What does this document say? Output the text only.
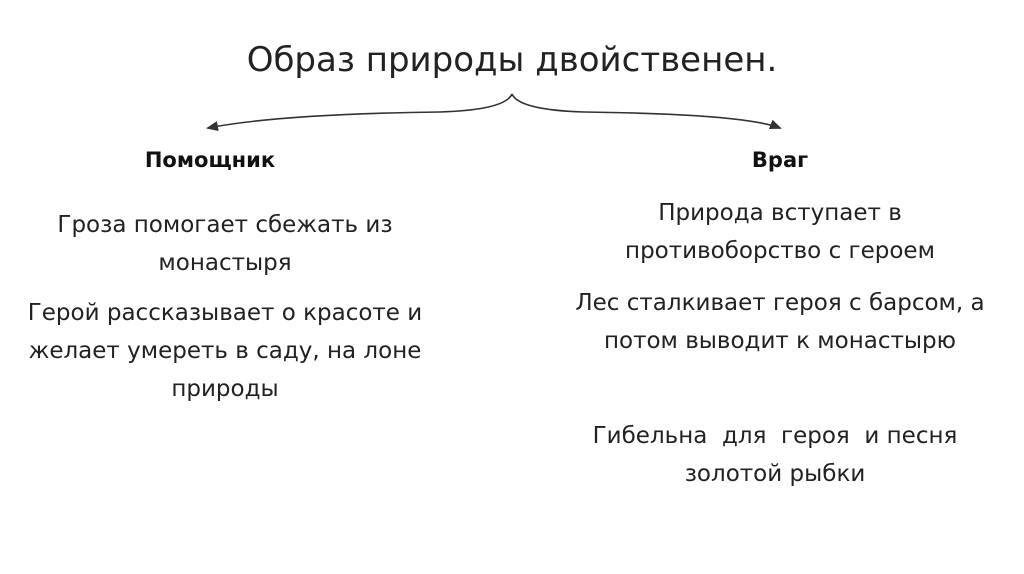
Образ природы двойственен.
Помощник	Враг
Гроза помогает сбежать из монастыря
Герой рассказывает о красоте и желает умереть в саду, на лоне природы
Природа вступает в противоборство с героем
Лес сталкивает героя с барсом, а потом выводит к монастырю
Гибельна  для  героя  и песня золотой рыбки
